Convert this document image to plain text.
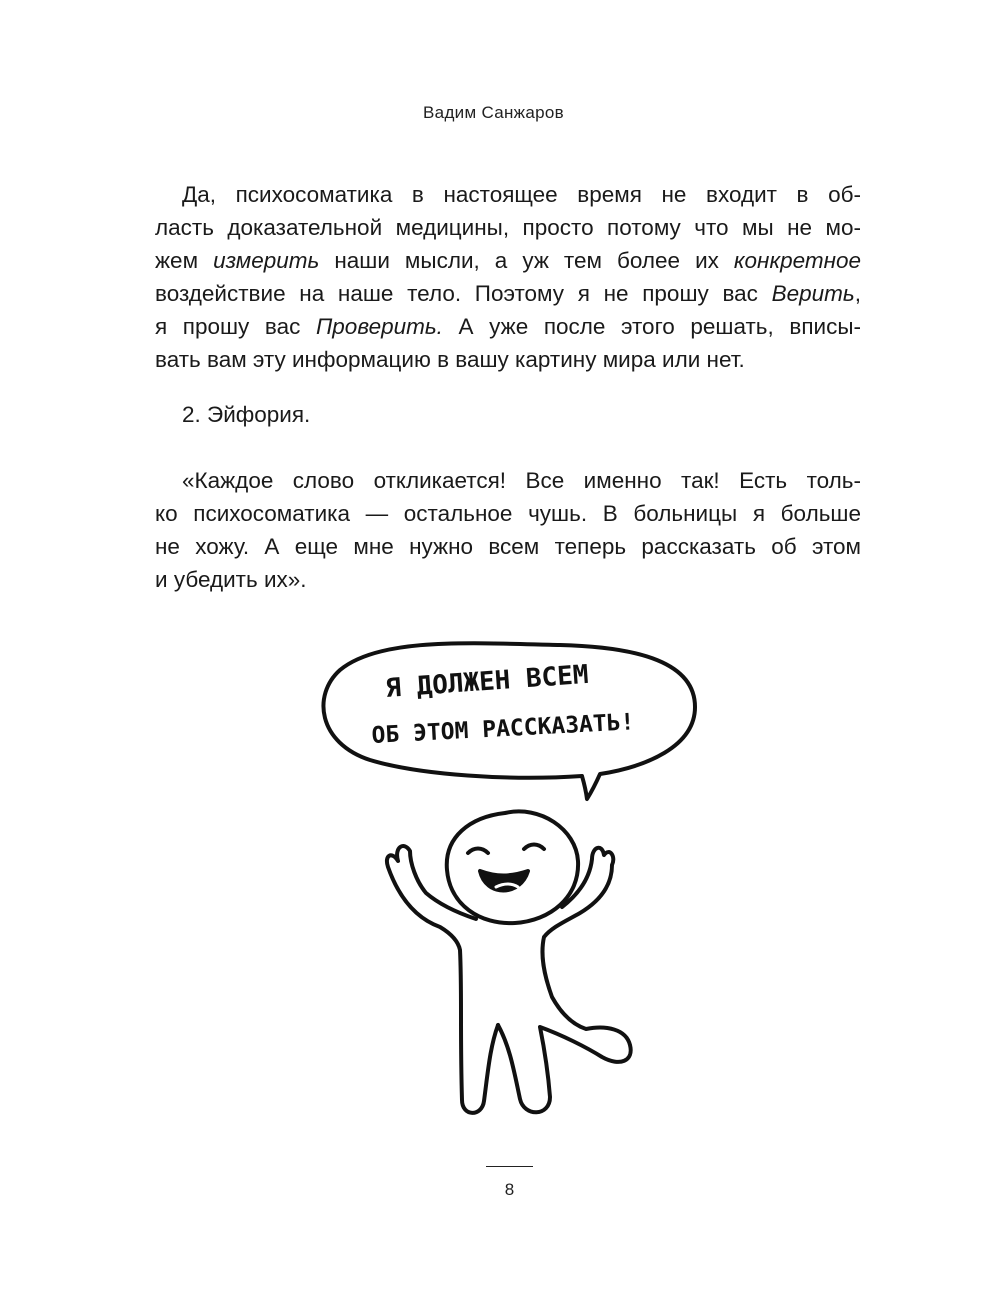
Вадим Санжаров
Да, психосоматика в настоящее время не входит в об-
ласть доказательной медицины, просто потому что мы не мо-
жем измерить наши мысли, а уж тем более их конкретное
воздействие на наше тело. Поэтому я не прошу вас Верить,
я прошу вас Проверить. А уже после этого решать, вписы-
вать вам эту информацию в вашу картину мира или нет.
2. Эйфория.
«Каждое слово откликается! Все именно так! Есть толь-
ко психосоматика — остальное чушь. В больницы я больше
не хожу. А еще мне нужно всем теперь рассказать об этом
и убедить их».
Я ДОЛЖЕН ВСЕМ
ОБ ЭТОМ РАССКАЗАТЬ!
8
